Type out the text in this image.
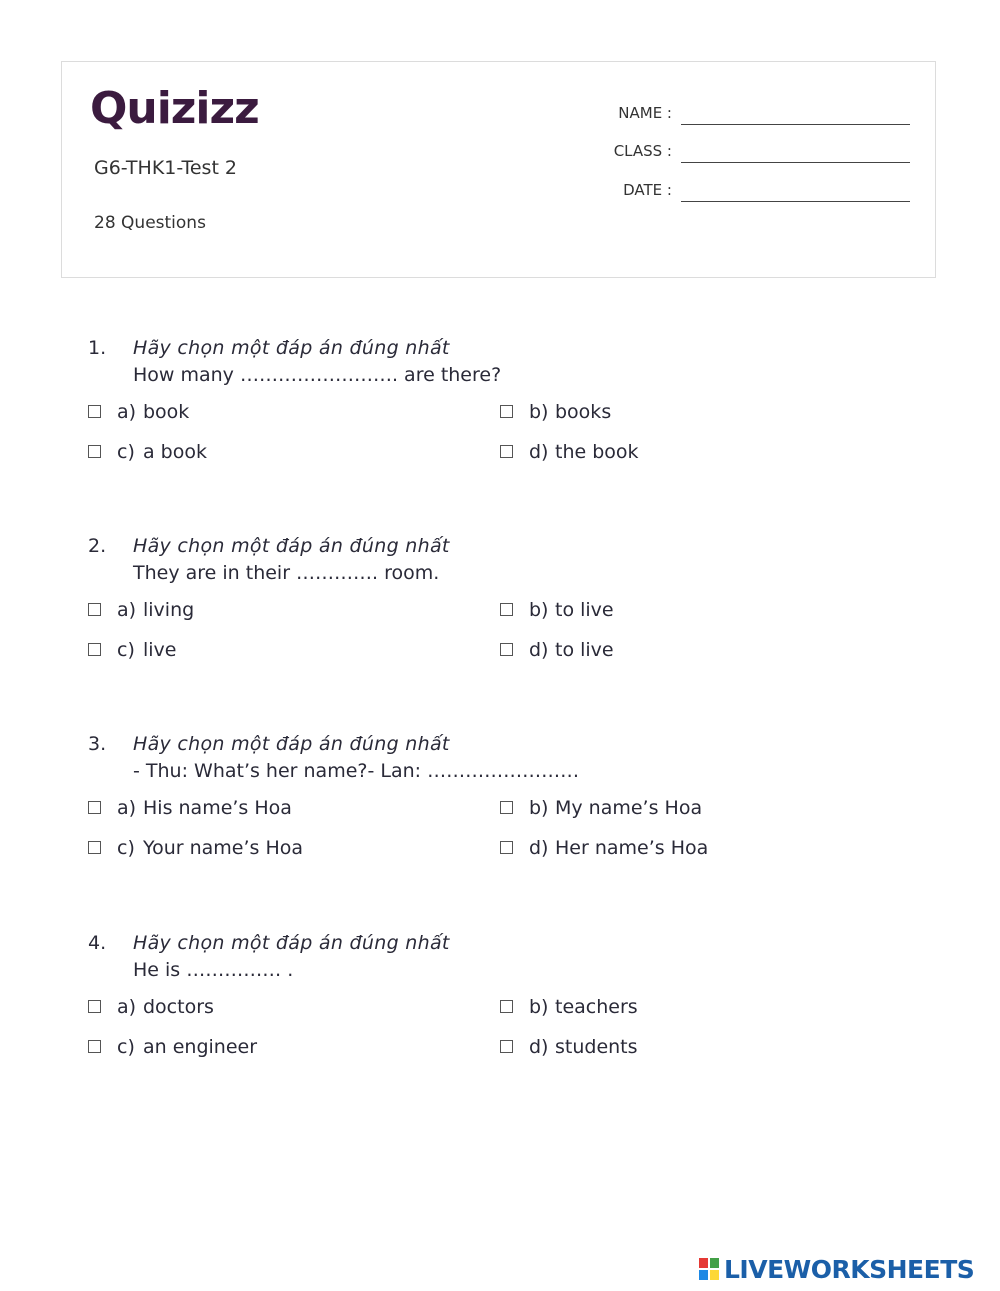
Quizizz
G6-THK1-Test 2
28 Questions
NAME :
CLASS :
DATE :
1. Hãy chọn một đáp án đúng nhất
How many ……………………. are there?
a) book	b) books
c) a book	d) the book
2. Hãy chọn một đáp án đúng nhất
They are in their …………. room.
a) living	b) to live
c) live	d) to live
3. Hãy chọn một đáp án đúng nhất
- Thu: What’s her name?- Lan: ……………………
a) His name’s Hoa	b) My name’s Hoa
c) Your name’s Hoa	d) Her name’s Hoa
4. Hãy chọn một đáp án đúng nhất
He is …………… .
a) doctors	b) teachers
c) an engineer	d) students
LIVEWORKSHEETS
